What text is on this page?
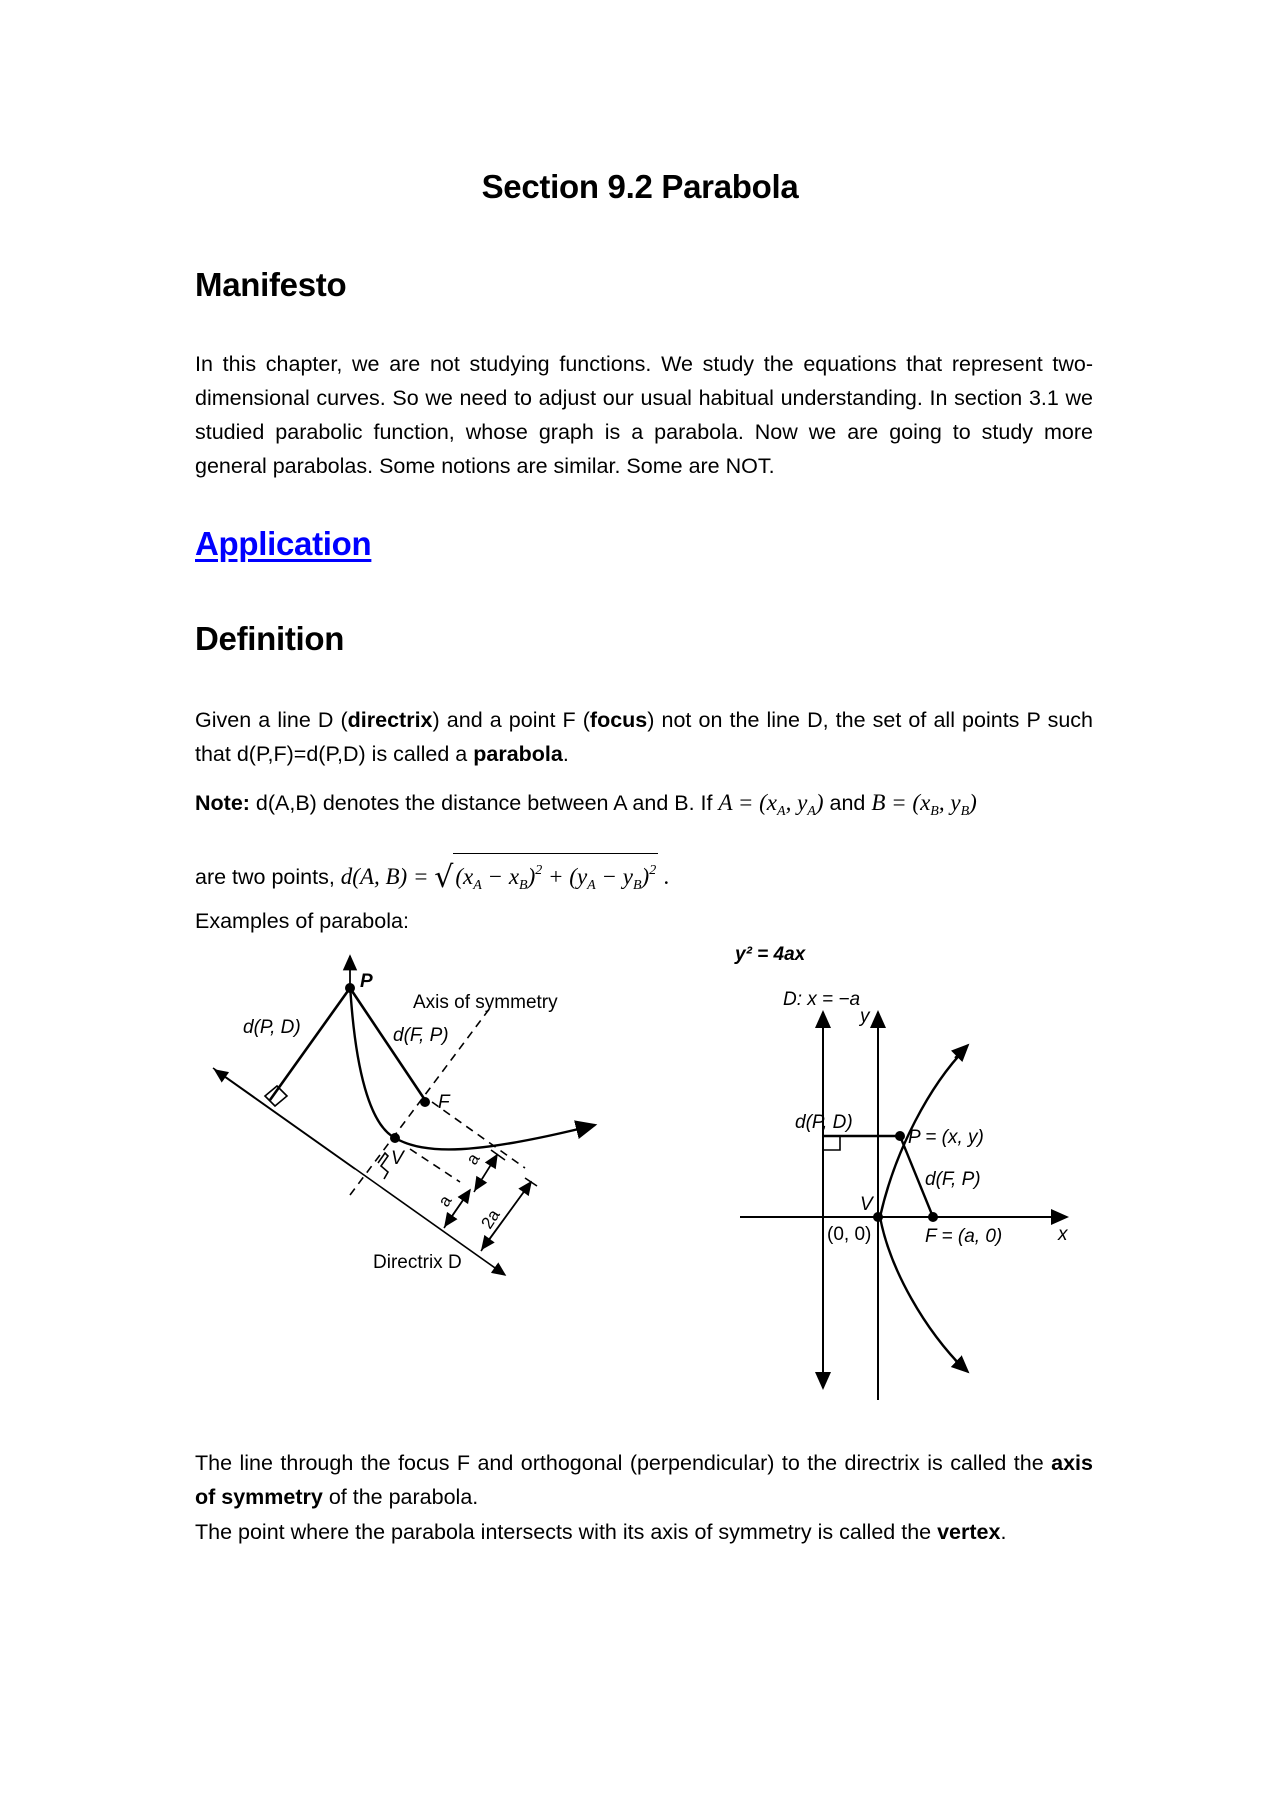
Section 9.2 Parabola
Manifesto
In this chapter, we are not studying functions. We study the equations that represent two-dimensional curves. So we need to adjust our usual habitual understanding. In section 3.1 we studied parabolic function, whose graph is a parabola. Now we are going to study more general parabolas. Some notions are similar. Some are NOT.
Application
Definition
Given a line D (directrix) and a point F (focus) not on the line D, the set of all points P such that d(P,F)=d(P,D) is called a parabola.
Note: d(A,B) denotes the distance between A and B. If $A = (x_A$, $y_A$) and $B = (x_B$, $y_B$)
are two points, d(A, $B) = √(x_A - x_B)^2 + (y_A - y_B)^2$ .
Examples of parabola:
P
Axis of symmetry
d(P, D)	d(F, P)
F
V	a
a
2a
Directrix D
y² = 4ax
D: x = −a
y
x
d(P, D)
P = (x, y)
d(F, P)
V
(0, 0)	F = (a, 0)
The line through the focus F and orthogonal (perpendicular) to the directrix is called the axis of symmetry of the parabola.
The point where the parabola intersects with its axis of symmetry is called the vertex.
